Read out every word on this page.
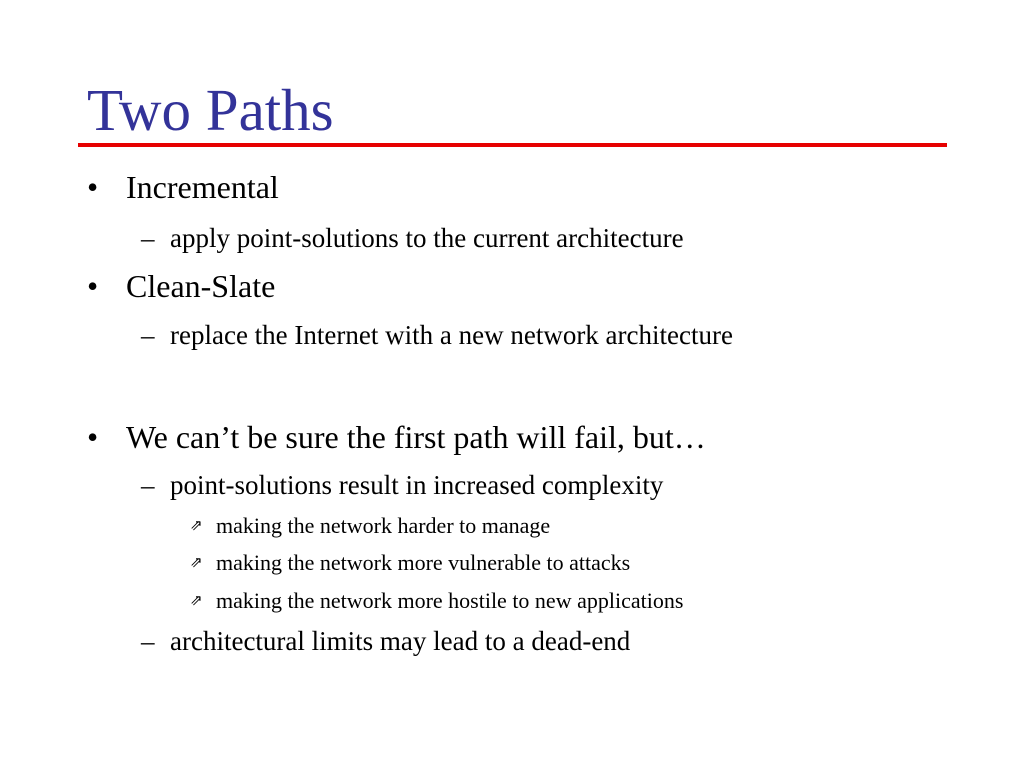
Two Paths
• Incremental
– apply point-solutions to the current architecture
• Clean-Slate
– replace the Internet with a new network architecture
• We can’t be sure the first path will fail, but…
– point-solutions result in increased complexity
⇗ making the network harder to manage
⇗ making the network more vulnerable to attacks
⇗ making the network more hostile to new applications
– architectural limits may lead to a dead-end
